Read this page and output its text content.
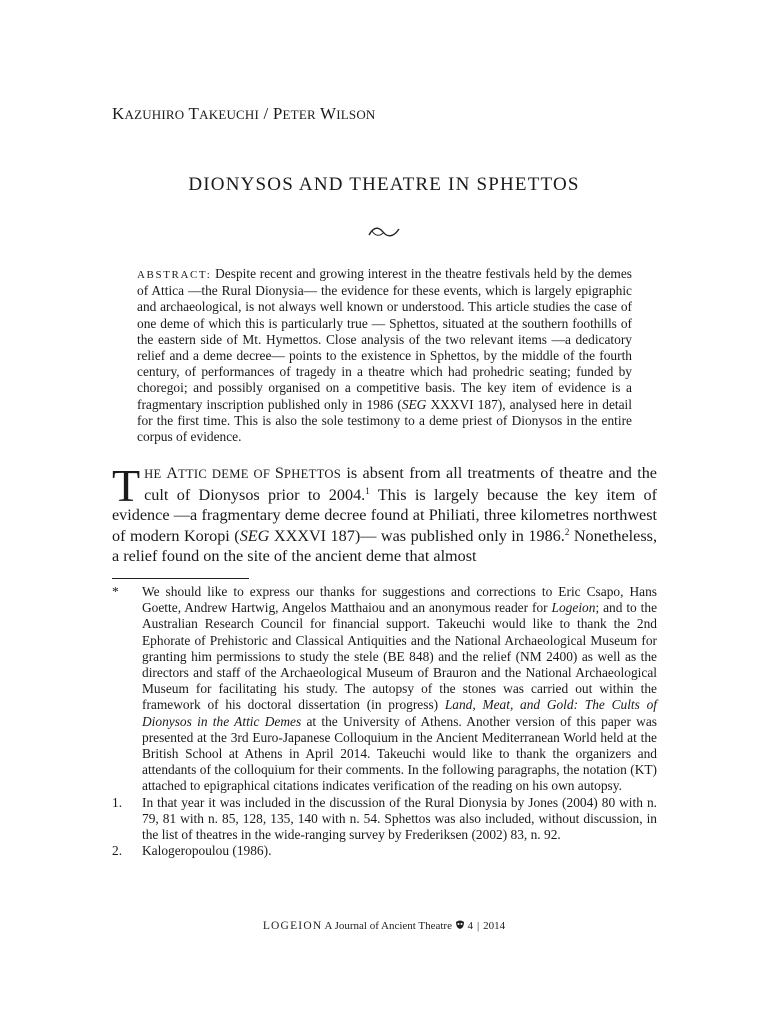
KAZUHIRO TAKEUCHI / PETER WILSON
DIONYSOS AND THEATRE IN SPHETTOS
ABSTRACT: Despite recent and growing interest in the theatre festivals held by the demes of Attica —the Rural Dionysia— the evidence for these events, which is largely epigraphic and archaeological, is not always well known or understood. This article studies the case of one deme of which this is particularly true — Sphettos, situated at the southern foothills of the eastern side of Mt. Hymettos. Close analysis of the two relevant items —a dedicatory relief and a deme decree— points to the existence in Sphettos, by the middle of the fourth century, of performances of tragedy in a theatre which had prohedric seating; funded by choregoi; and possibly organised on a competitive basis. The key item of evidence is a fragmentary inscription published only in 1986 (SEG XXXVI 187), analysed here in detail for the first time. This is also the sole testimony to a deme priest of Dionysos in the entire corpus of evidence.
THE ATTIC DEME OF SPHETTOS is absent from all treatments of theatre and the cult of Dionysos prior to 2004.$^1$ This is largely because the key item of evidence —a fragmentary deme decree found at Philiati, three kilometres northwest of modern Koropi (SEG XXXVI 187)— was published only in 1986.$^2$ Nonetheless, a relief found on the site of the ancient deme that almost
*	We should like to express our thanks for suggestions and corrections to Eric Csapo, Hans Goette, Andrew Hartwig, Angelos Matthaiou and an anonymous reader for Logeion; and to the Australian Research Council for financial support. Takeuchi would like to thank the 2nd Ephorate of Prehistoric and Classical Antiquities and the National Archaeological Museum for granting him permissions to study the stele (BE 848) and the relief (NM 2400) as well as the directors and staff of the Archaeological Museum of Brauron and the National Archaeological Museum for facilitating his study. The autopsy of the stones was carried out within the framework of his doctoral dissertation (in progress) Land, Meat, and Gold: The Cults of Dionysos in the Attic Demes at the University of Athens. Another version of this paper was presented at the 3rd Euro-Japanese Colloquium in the Ancient Mediterranean World held at the British School at Athens in April 2014. Takeuchi would like to thank the organizers and attendants of the colloquium for their comments. In the following paragraphs, the notation (KT) attached to epigraphical citations indicates verification of the reading on his own autopsy.
1.	In that year it was included in the discussion of the Rural Dionysia by Jones (2004) 80 with n. 79, 81 with n. 85, 128, 135, 140 with n. 54. Sphettos was also included, without discussion, in the list of theatres in the wide-ranging survey by Frederiksen (2002) 83, n. 92.
2.	Kalogeropoulou (1986).
LOGEION A Journal of Ancient Theatre 4 | 2014
